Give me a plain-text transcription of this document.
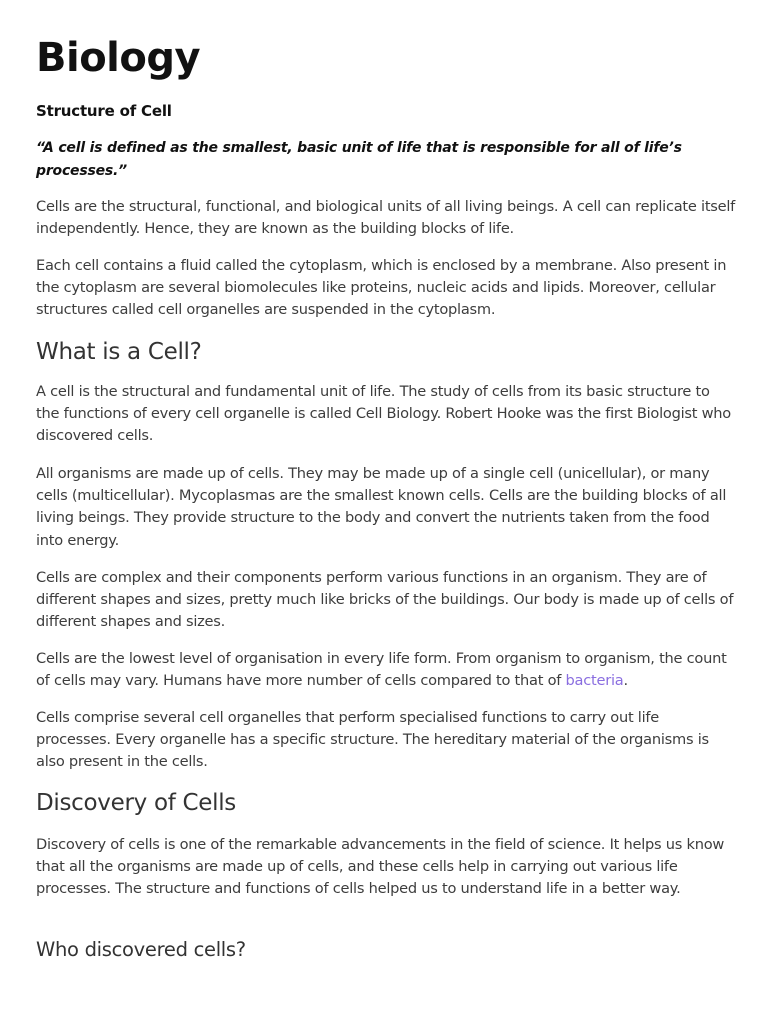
Biology

Structure of Cell

“A cell is defined as the smallest, basic unit of life that is responsible for all of life’s processes.”

Cells are the structural, functional, and biological units of all living beings. A cell can replicate itself independently. Hence, they are known as the building blocks of life.

Each cell contains a fluid called the cytoplasm, which is enclosed by a membrane. Also present in the cytoplasm are several biomolecules like proteins, nucleic acids and lipids. Moreover, cellular structures called cell organelles are suspended in the cytoplasm.

What is a Cell?

A cell is the structural and fundamental unit of life. The study of cells from its basic structure to the functions of every cell organelle is called Cell Biology. Robert Hooke was the first Biologist who discovered cells.

All organisms are made up of cells. They may be made up of a single cell (unicellular), or many cells (multicellular). Mycoplasmas are the smallest known cells. Cells are the building blocks of all living beings. They provide structure to the body and convert the nutrients taken from the food into energy.

Cells are complex and their components perform various functions in an organism. They are of different shapes and sizes, pretty much like bricks of the buildings. Our body is made up of cells of different shapes and sizes.

Cells are the lowest level of organisation in every life form. From organism to organism, the count of cells may vary. Humans have more number of cells compared to that of bacteria.

Cells comprise several cell organelles that perform specialised functions to carry out life processes. Every organelle has a specific structure. The hereditary material of the organisms is also present in the cells.

Discovery of Cells

Discovery of cells is one of the remarkable advancements in the field of science. It helps us know that all the organisms are made up of cells, and these cells help in carrying out various life processes. The structure and functions of cells helped us to understand life in a better way.

Who discovered cells?
